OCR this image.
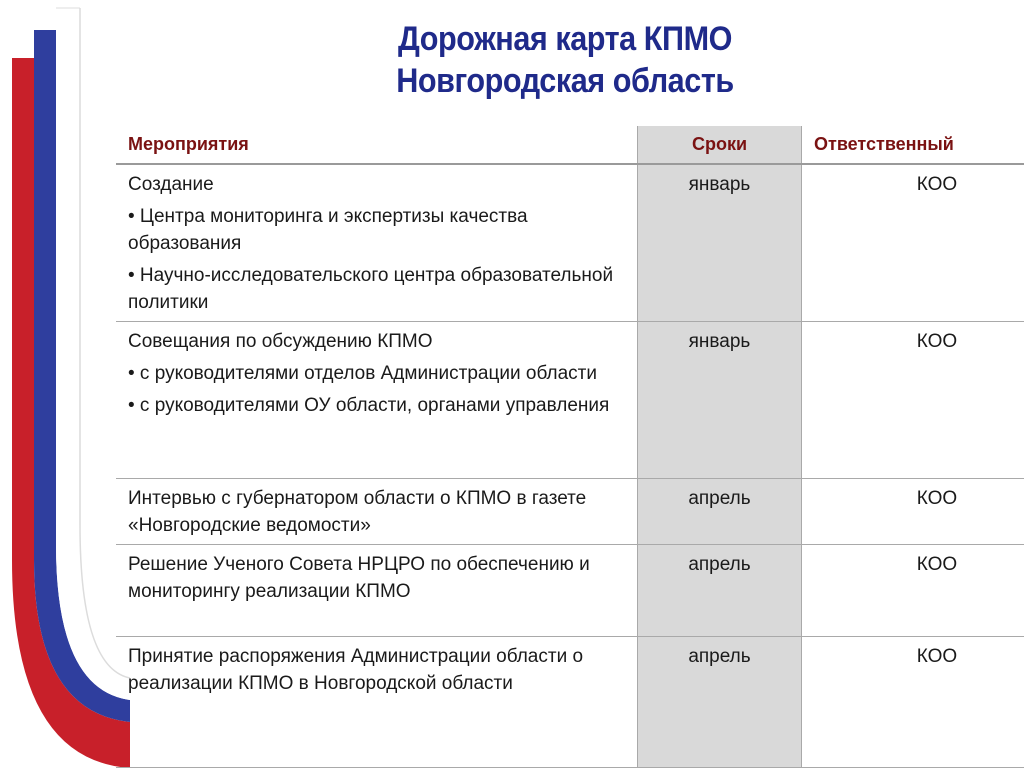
Дорожная карта КПМО
Новгородская область
Мероприятия	Сроки	Ответственный

Создание
• Центра мониторинга и экспертизы качества образования
• Научно-исследовательского центра образовательной политики	январь	КОО

Совещания по обсуждению КПМО
• с руководителями отделов Администрации области
• с руководителями ОУ области, органами управления	январь	КОО

Интервью с губернатором области о КПМО в газете «Новгородские ведомости»	апрель	КОО

Решение Ученого Совета НРЦРО по обеспечению и мониторингу реализации КПМО	апрель	КОО

Принятие распоряжения Администрации области о реализации КПМО в Новгородской области	апрель	КОО
